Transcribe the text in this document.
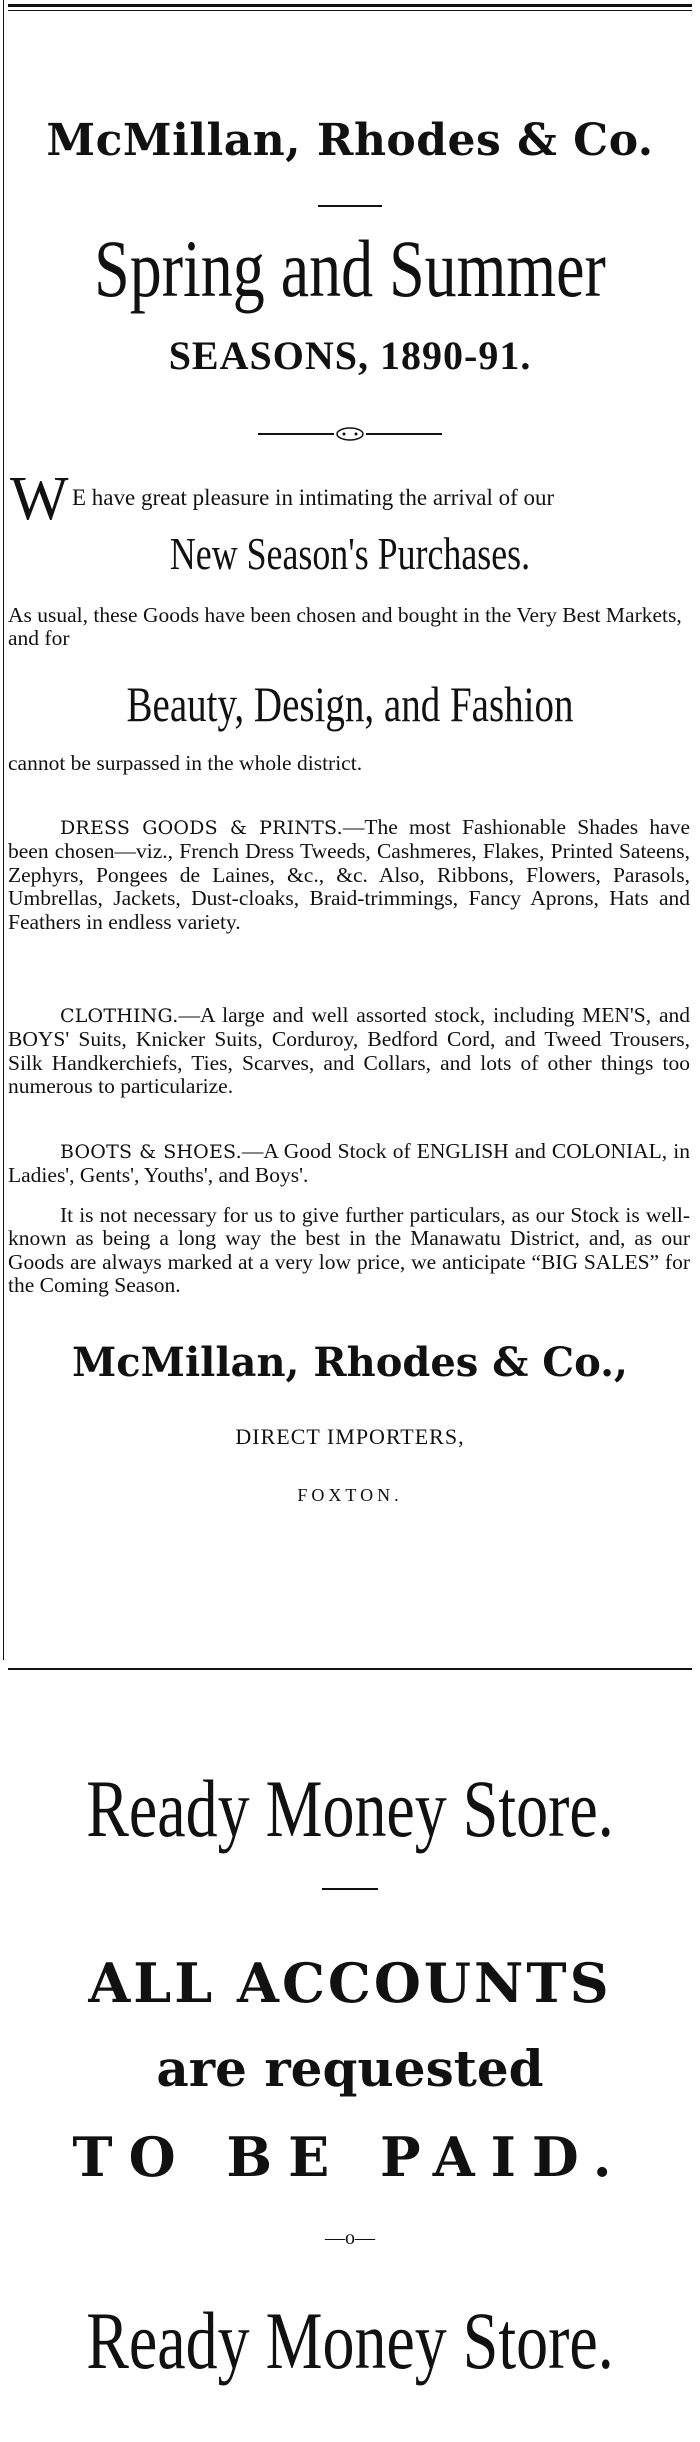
McMillan, Rhodes & Co.
Spring and Summer
SEASONS, 1890-91.
W E have great pleasure in intimating the arrival of our
New Season's Purchases.
As usual, these Goods have been chosen and bought in the Very Best Markets, and for
Beauty, Design, and Fashion
cannot be surpassed in the whole district.
DRESS GOODS & PRINTS.—The most Fashionable Shades have been chosen—viz., French Dress Tweeds, Cashmeres, Flakes, Printed Sateens, Zephyrs, Pongees de Laines, &c., &c. Also, Ribbons, Flowers, Parasols, Umbrellas, Jackets, Dust-cloaks, Braid-trimmings, Fancy Aprons, Hats and Feathers in endless variety.
CLOTHING.—A large and well assorted stock, including MEN'S, and BOYS' Suits, Knicker Suits, Corduroy, Bedford Cord, and Tweed Trousers, Silk Handkerchiefs, Ties, Scarves, and Collars, and lots of other things too numerous to particularize.
BOOTS & SHOES.—A Good Stock of ENGLISH and COLONIAL, in Ladies', Gents', Youths', and Boys'.
It is not necessary for us to give further particulars, as our Stock is well-known as being a long way the best in the Manawatu District, and, as our Goods are always marked at a very low price, we anticipate “BIG SALES” for the Coming Season.
McMillan, Rhodes & Co.,
DIRECT IMPORTERS,
FOXTON.
Ready Money Store.
ALL ACCOUNTS
are requested
TO BE PAID.
—o—
Ready Money Store.
